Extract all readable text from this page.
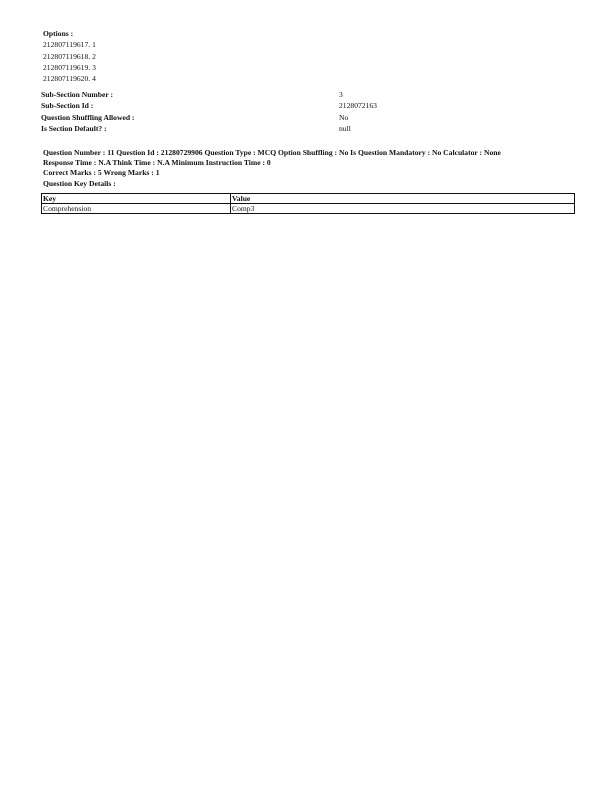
Options :
212807119617. 1
212807119618. 2
212807119619. 3
212807119620. 4
Sub-Section Number :	3
Sub-Section Id :	2128072163
Question Shuffling Allowed :	No
Is Section Default? :	null
Question Number : 11 Question Id : 21280729906 Question Type : MCQ Option Shuffling : No Is Question Mandatory : No Calculator : None
Response Time : N.A Think Time : N.A Minimum Instruction Time : 0
Correct Marks : 5 Wrong Marks : 1
Question Key Details :
Key	Value
Comprehension	Comp3
